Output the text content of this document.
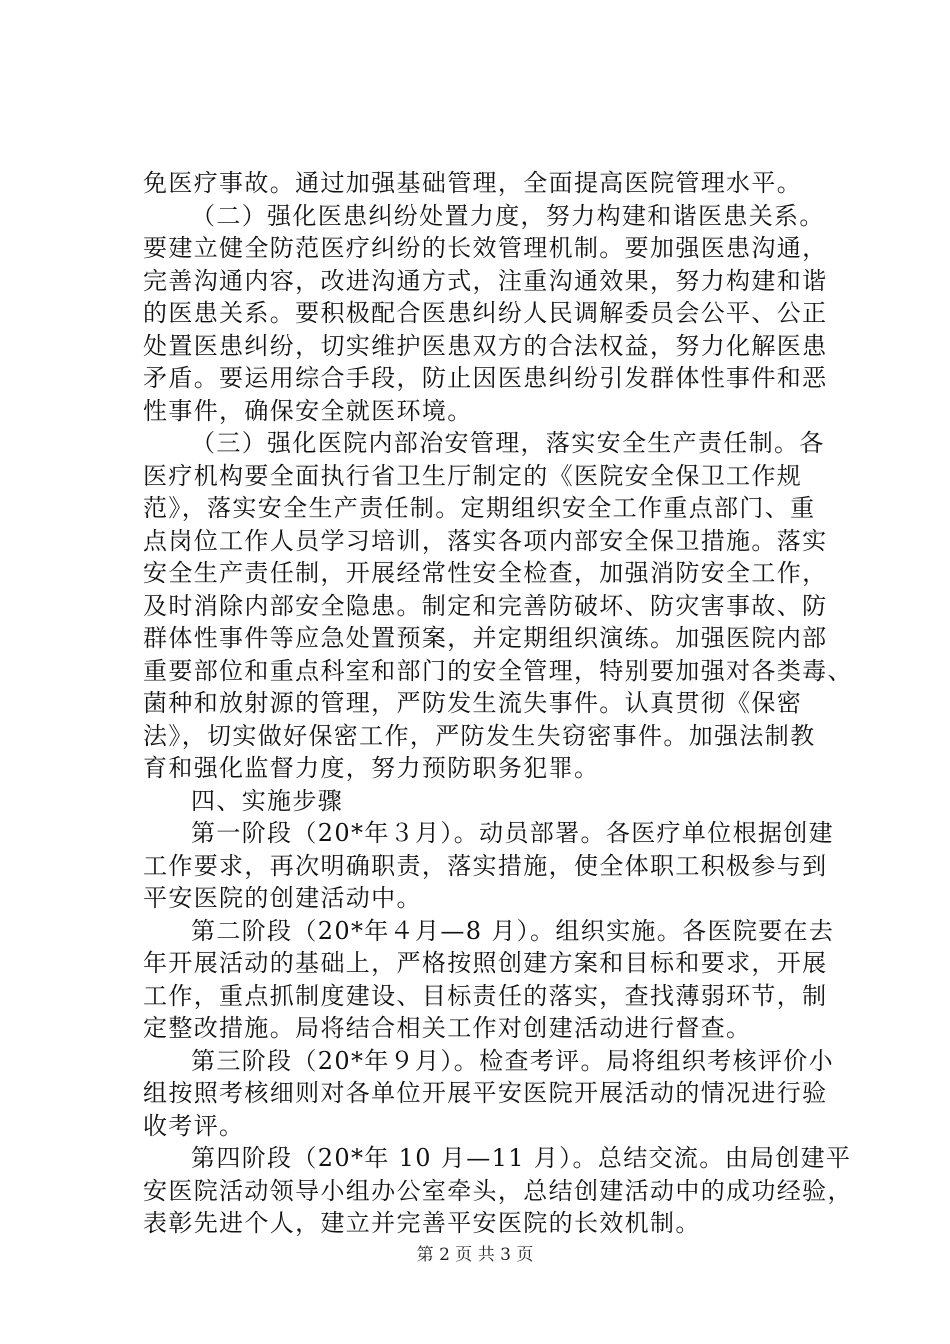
免医疗事故。通过加强基础管理，全面提高医院管理水平。
（二）强化医患纠纷处置力度，努力构建和谐医患关系。
要建立健全防范医疗纠纷的长效管理机制。要加强医患沟通，
完善沟通内容，改进沟通方式，注重沟通效果，努力构建和谐
的医患关系。要积极配合医患纠纷人民调解委员会公平、公正
处置医患纠纷，切实维护医患双方的合法权益，努力化解医患
矛盾。要运用综合手段，防止因医患纠纷引发群体性事件和恶
性事件，确保安全就医环境。
（三）强化医院内部治安管理，落实安全生产责任制。各
医疗机构要全面执行省卫生厅制定的《医院安全保卫工作规
范》，落实安全生产责任制。定期组织安全工作重点部门、重
点岗位工作人员学习培训，落实各项内部安全保卫措施。落实
安全生产责任制，开展经常性安全检查，加强消防安全工作，
及时消除内部安全隐患。制定和完善防破坏、防灾害事故、防
群体性事件等应急处置预案，并定期组织演练。加强医院内部
重要部位和重点科室和部门的安全管理，特别要加强对各类毒、
菌种和放射源的管理，严防发生流失事件。认真贯彻《保密
法》，切实做好保密工作，严防发生失窃密事件。加强法制教
育和强化监督力度，努力预防职务犯罪。
四、实施步骤
第一阶段（20*年３月）。动员部署。各医疗单位根据创建
工作要求，再次明确职责，落实措施，使全体职工积极参与到
平安医院的创建活动中。
第二阶段（20*年４月—8 月）。组织实施。各医院要在去
年开展活动的基础上，严格按照创建方案和目标和要求，开展
工作，重点抓制度建设、目标责任的落实，查找薄弱环节，制
定整改措施。局将结合相关工作对创建活动进行督查。
第三阶段（20*年９月）。检查考评。局将组织考核评价小
组按照考核细则对各单位开展平安医院开展活动的情况进行验
收考评。
第四阶段（20*年 10 月—11 月）。总结交流。由局创建平
安医院活动领导小组办公室牵头，总结创建活动中的成功经验，
表彰先进个人，建立并完善平安医院的长效机制。
第 2 页 共 3 页
